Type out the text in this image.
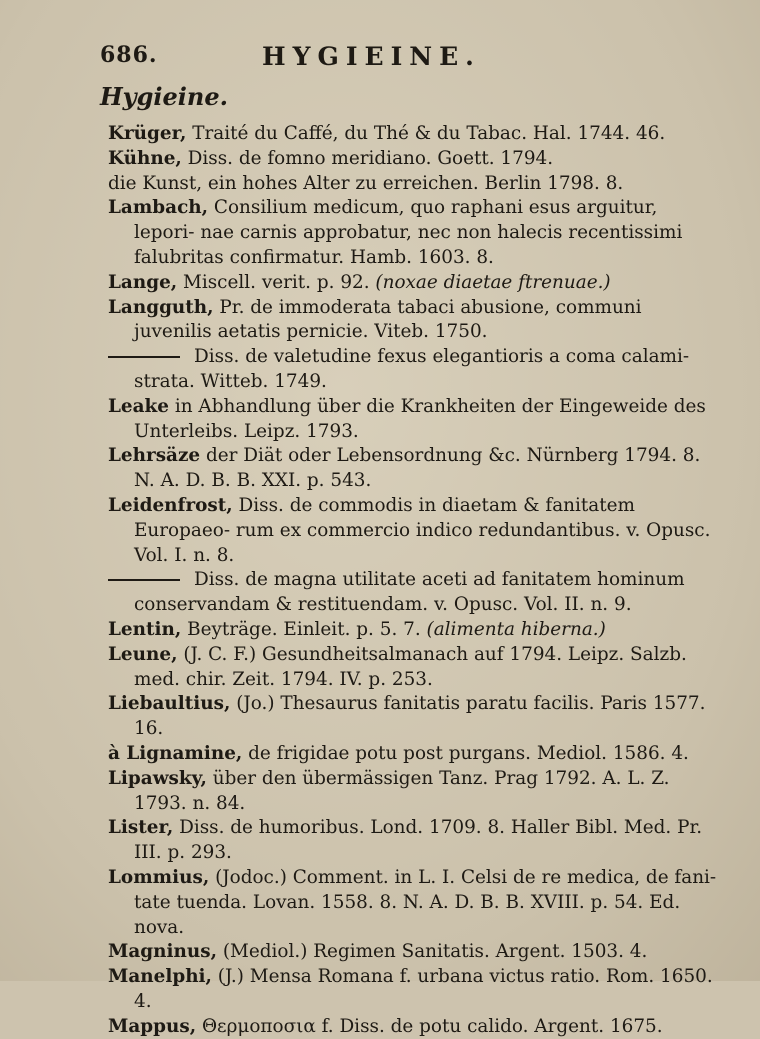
686.	HYGIEINE.
Hygieine.

Krüger, Traité du Caffé, du Thé & du Tabac. Hal. 1744. 46.

Kühne, Diss. de fomno meridiano. Goett. 1794.

die Kunst, ein hohes Alter zu erreichen. Berlin 1798. 8.

Lambach, Consilium medicum, quo raphani esus arguitur, lepori- nae carnis approbatur, nec non halecis recentissimi falubritas confirmatur. Hamb. 1603. 8.

Lange, Miscell. verit. p. 92. (noxae diaetae ftrenuae.)

Langguth, Pr. de immoderata tabaci abusione, communi juvenilis aetatis pernicie. Viteb. 1750.

Diss. de valetudine fexus elegantioris a coma calami- strata. Witteb. 1749.

Leake in Abhandlung über die Krankheiten der Eingeweide des Unterleibs. Leipz. 1793.

Lehrsäze der Diät oder Lebensordnung &c. Nürnberg 1794. 8. N. A. D. B. B. XXI. p. 543.

Leidenfrost, Diss. de commodis in diaetam & fanitatem Europaeo- rum ex commercio indico redundantibus. v. Opusc. Vol. I. n. 8.

Diss. de magna utilitate aceti ad fanitatem hominum conservandam & restituendam. v. Opusc. Vol. II. n. 9.

Lentin, Beyträge. Einleit. p. 5. 7. (alimenta hiberna.)

Leune, (J. C. F.) Gesundheitsalmanach auf 1794. Leipz. Salzb. med. chir. Zeit. 1794. IV. p. 253.

Liebaultius, (Jo.) Thesaurus fanitatis paratu facilis. Paris 1577. 16.

à Lignamine, de frigidae potu post purgans. Mediol. 1586. 4.

Lipawsky, über den übermässigen Tanz. Prag 1792. A. L. Z. 1793. n. 84.

Lister, Diss. de humoribus. Lond. 1709. 8. Haller Bibl. Med. Pr. III. p. 293.

Lommius, (Jodoc.) Comment. in L. I. Celsi de re medica, de fani- tate tuenda. Lovan. 1558. 8. N. A. D. B. B. XVIII. p. 54. Ed. nova.

Magninus, (Mediol.) Regimen Sanitatis. Argent. 1503. 4.

Manelphi, (J.) Mensa Romana f. urbana victus ratio. Rom. 1650. 4.

Mappus, Θερμοποσια f. Diss. de potu calido. Argent. 1675.
